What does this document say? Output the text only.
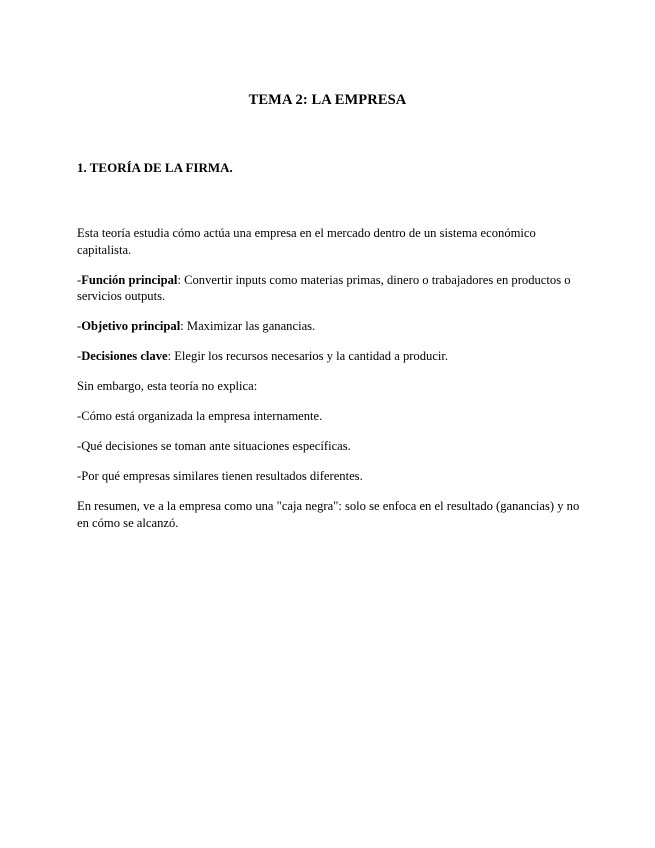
TEMA 2: LA EMPRESA
1. TEORÍA DE LA FIRMA.

Esta teoría estudia cómo actúa una empresa en el mercado dentro de un sistema económico capitalista.

-Función principal: Convertir inputs como materias primas, dinero o trabajadores en productos o servicios outputs.

-Objetivo principal: Maximizar las ganancias.

-Decisiones clave: Elegir los recursos necesarios y la cantidad a producir.

Sin embargo, esta teoría no explica:

-Cómo está organizada la empresa internamente.

-Qué decisiones se toman ante situaciones específicas.

-Por qué empresas similares tienen resultados diferentes.

En resumen, ve a la empresa como una "caja negra": solo se enfoca en el resultado (ganancias) y no en cómo se alcanzó.
